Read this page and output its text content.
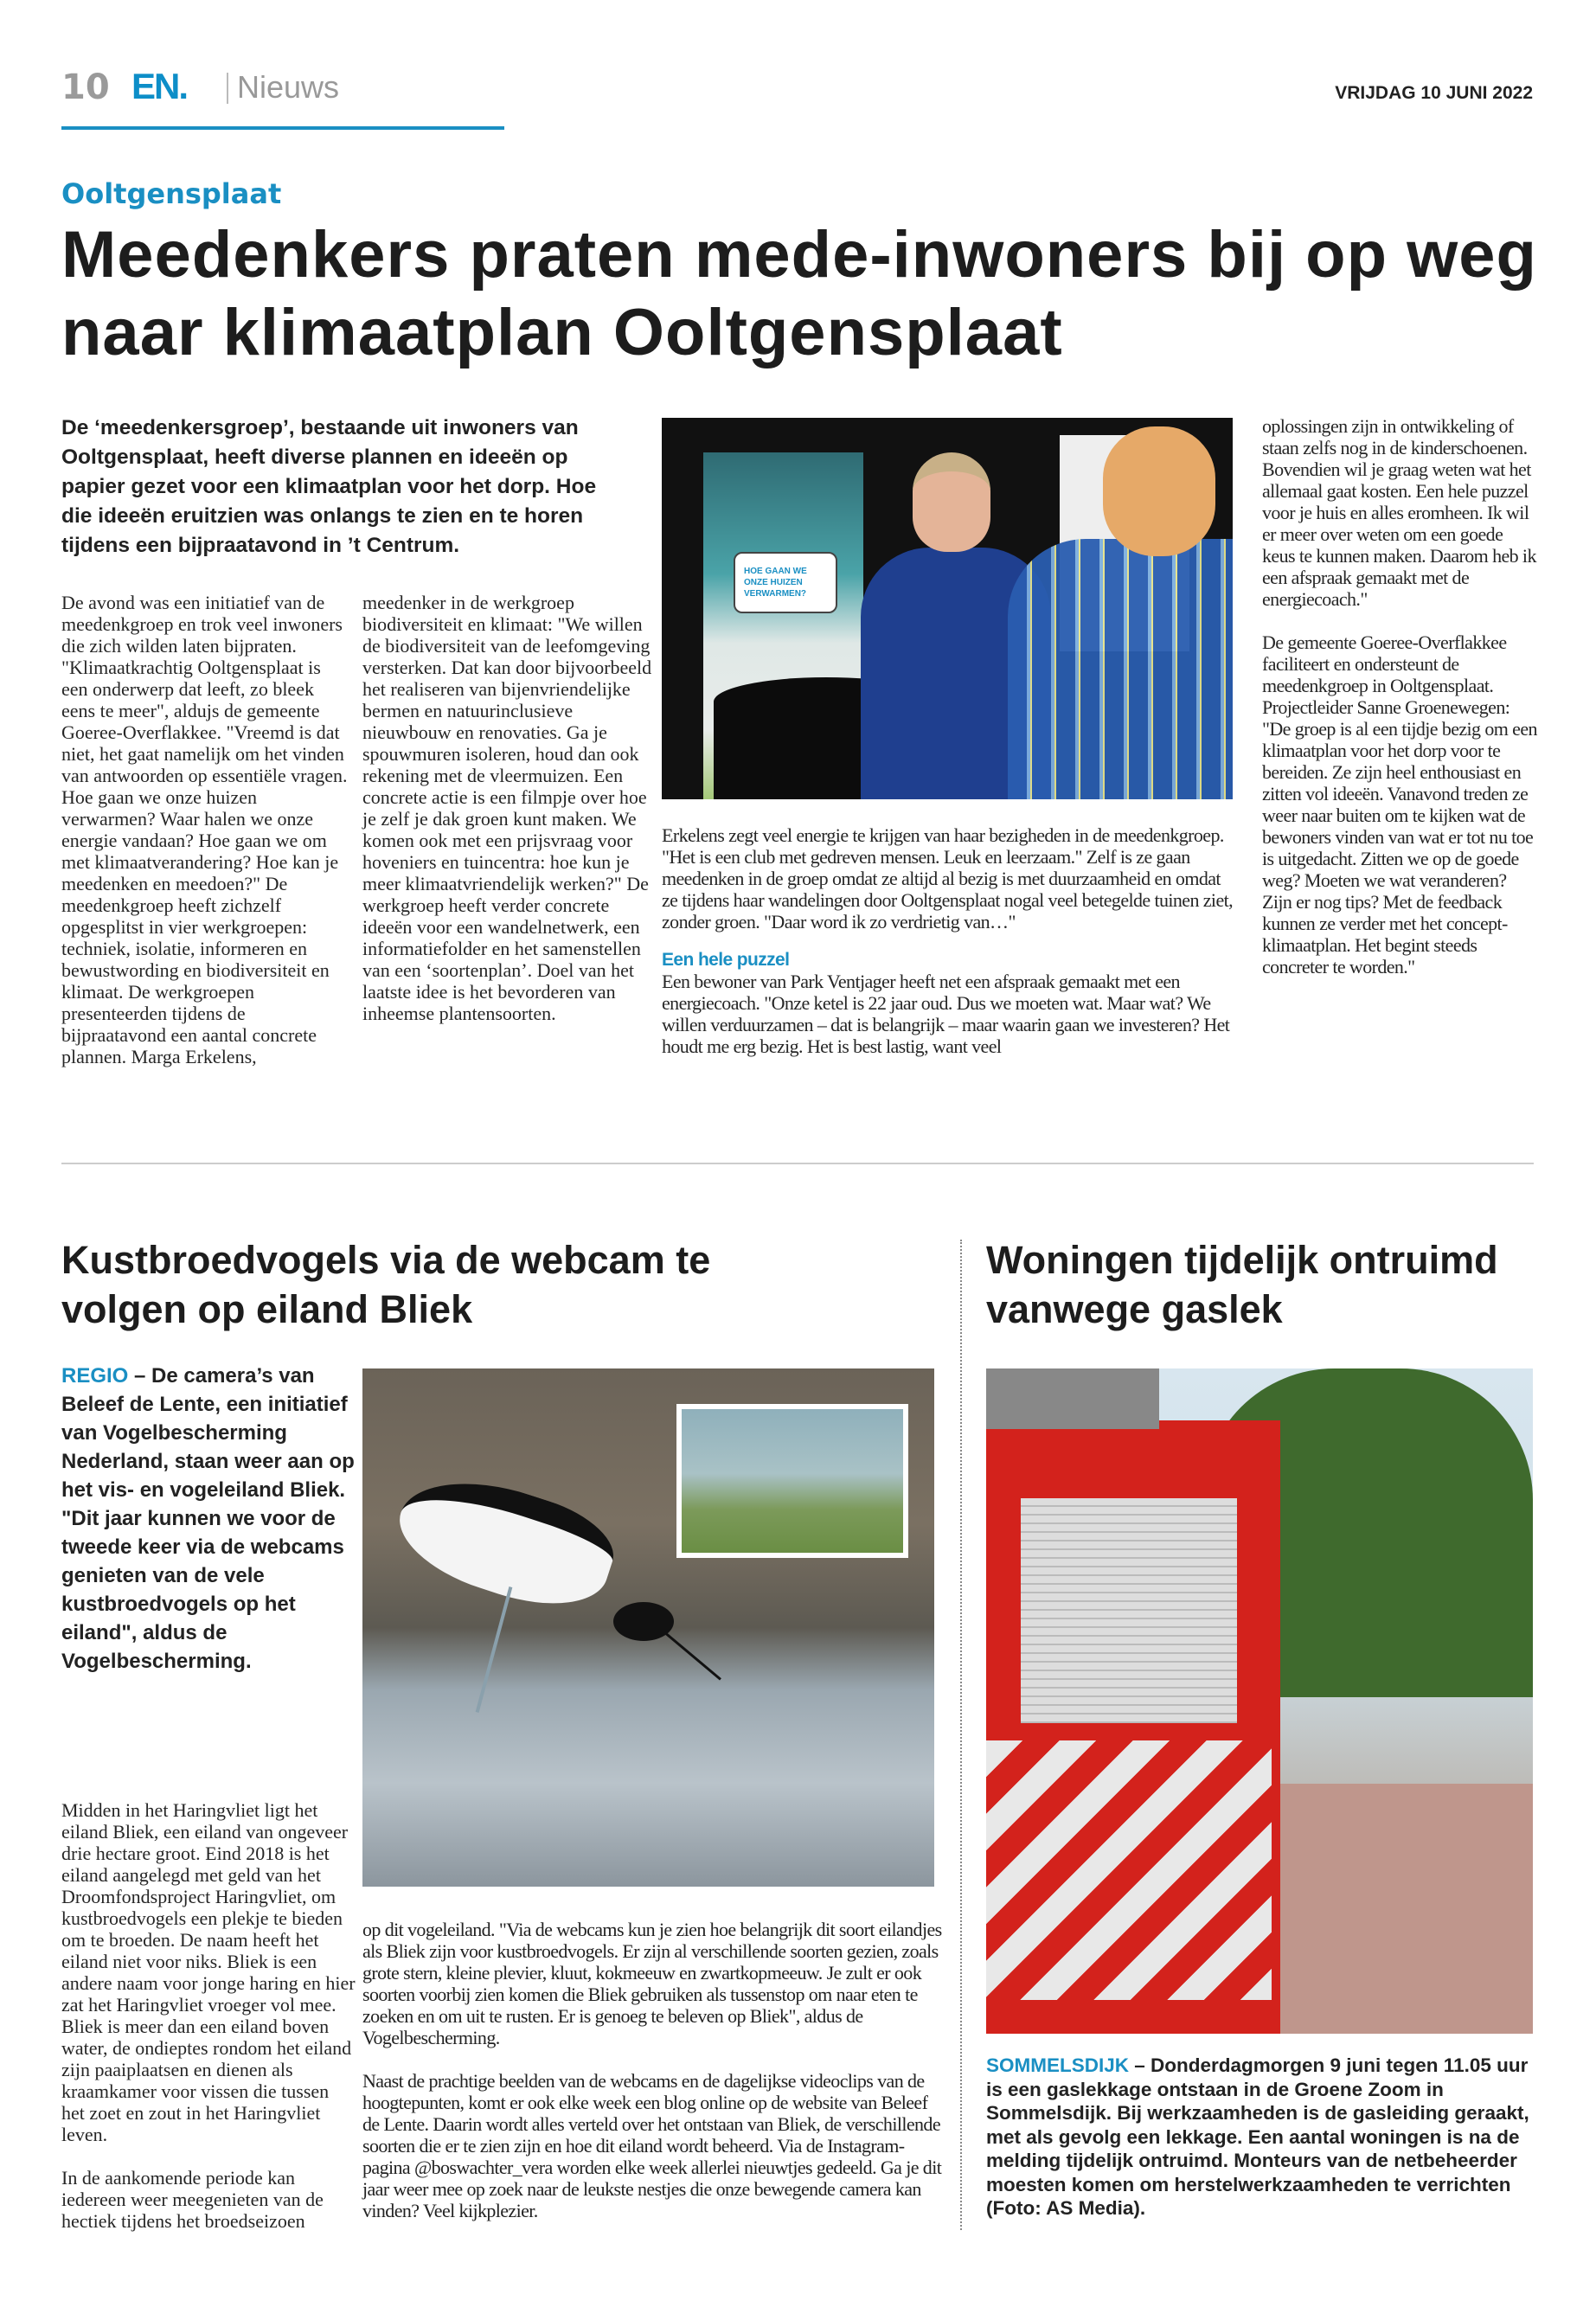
10 EN. Nieuws	VRIJDAG 10 JUNI 2022
Ooltgensplaat
Meedenkers praten mede-inwoners bij op weg naar klimaatplan Ooltgensplaat
De ‘meedenkersgroep’, bestaande uit inwoners van Ooltgensplaat, heeft diverse plannen en ideeën op papier gezet voor een klimaatplan voor het dorp. Hoe die ideeën eruitzien was onlangs te zien en te horen tijdens een bijpraatavond in ’t Centrum.
De avond was een initiatief van de meedenkgroep en trok veel inwoners die zich wilden laten bijpraten. "Klimaatkrachtig Ooltgensplaat is een onderwerp dat leeft, zo bleek eens te meer", aldujs de gemeente Goeree-Overflakkee. "Vreemd is dat niet, het gaat namelijk om het vinden van antwoorden op essentiële vragen. Hoe gaan we onze huizen verwarmen? Waar halen we onze energie vandaan? Hoe gaan we om met klimaatverandering? Hoe kan je meedenken en meedoen?" De meedenkgroep heeft zichzelf opgesplitst in vier werkgroepen: techniek, isolatie, informeren en bewustwording en biodiversiteit en klimaat. De werkgroepen presenteerden tijdens de bijpraatavond een aantal concrete plannen. Marga Erkelens,
meedenker in de werkgroep biodiversiteit en klimaat: "We willen de biodiversiteit van de leefomgeving versterken. Dat kan door bijvoorbeeld het realiseren van bijenvriendelijke bermen en natuurinclusieve nieuwbouw en renovaties. Ga je spouwmuren isoleren, houd dan ook rekening met de vleermuizen. Een concrete actie is een filmpje over hoe je zelf je dak groen kunt maken. We komen ook met een prijsvraag voor hoveniers en tuincentra: hoe kun je meer klimaatvriendelijk werken?" De werkgroep heeft verder concrete ideeën voor een wandelnetwerk, een informatiefolder en het samenstellen van een ‘soortenplan’. Doel van het laatste idee is het bevorderen van inheemse plantensoorten.
HOE GAAN WE ONZE HUIZEN VERWARMEN?

Erkelens zegt veel energie te krijgen van haar bezigheden in de meedenkgroep. "Het is een club met gedreven mensen. Leuk en leerzaam." Zelf is ze gaan meedenken in de groep omdat ze altijd al bezig is met duurzaamheid en omdat ze tijdens haar wandelingen door Ooltgensplaat nogal veel betegelde tuinen ziet, zonder groen. "Daar word ik zo verdrietig van…"

Een hele puzzel

Een bewoner van Park Ventjager heeft net een afspraak gemaakt met een energiecoach. "Onze ketel is 22 jaar oud. Dus we moeten wat. Maar wat? We willen verduurzamen – dat is belangrijk – maar waarin gaan we investeren? Het houdt me erg bezig. Het is best lastig, want veel

oplossingen zijn in ontwikkeling of staan zelfs nog in de kinderschoenen. Bovendien wil je graag weten wat het allemaal gaat kosten. Een hele puzzel voor je huis en alles eromheen. Ik wil er meer over weten om een goede keus te kunnen maken. Daarom heb ik een afspraak gemaakt met de energiecoach."

De gemeente Goeree-Overflakkee faciliteert en ondersteunt de meedenkgroep in Ooltgensplaat. Projectleider Sanne Groenewegen: "De groep is al een tijdje bezig om een klimaatplan voor het dorp voor te bereiden. Ze zijn heel enthousiast en zitten vol ideeën. Vanavond treden ze weer naar buiten om te kijken wat de bewoners vinden van wat er tot nu toe is uitgedacht. Zitten we op de goede weg? Moeten we wat veranderen? Zijn er nog tips? Met de feedback kunnen ze verder met het concept-klimaatplan. Het begint steeds concreter te worden."

Kustbroedvogels via de webcam te volgen op eiland Bliek
REGIO – De camera’s van Beleef de Lente, een initiatief van Vogelbescherming Nederland, staan weer aan op het vis- en vogeleiland Bliek. "Dit jaar kunnen we voor de tweede keer via de webcams genieten van de vele kustbroedvogels op het eiland", aldus de Vogelbescherming.

Midden in het Haringvliet ligt het eiland Bliek, een eiland van ongeveer drie hectare groot. Eind 2018 is het eiland aangelegd met geld van het Droomfondsproject Haringvliet, om kustbroedvogels een plekje te bieden om te broeden. De naam heeft het eiland niet voor niks. Bliek is een andere naam voor jonge haring en hier zat het Haringvliet vroeger vol mee. Bliek is meer dan een eiland boven water, de ondieptes rondom het eiland zijn paaiplaatsen en dienen als kraamkamer voor vissen die tussen het zoet en zout in het Haringvliet leven.

In de aankomende periode kan iedereen weer meegenieten van de hectiek tijdens het broedseizoen

op dit vogeleiland. "Via de webcams kun je zien hoe belangrijk dit soort eilandjes als Bliek zijn voor kustbroedvogels. Er zijn al verschillende soorten gezien, zoals grote stern, kleine plevier, kluut, kokmeeuw en zwartkopmeeuw. Je zult er ook soorten voorbij zien komen die Bliek gebruiken als tussenstop om naar eten te zoeken en om uit te rusten. Er is genoeg te beleven op Bliek", aldus de Vogelbescherming.

Naast de prachtige beelden van de webcams en de dagelijkse videoclips van de hoogtepunten, komt er ook elke week een blog online op de website van Beleef de Lente. Daarin wordt alles verteld over het ontstaan van Bliek, de verschillende soorten die er te zien zijn en hoe dit eiland wordt beheerd. Via de Instagram-pagina @boswachter_vera worden elke week allerlei nieuwtjes gedeeld. Ga je dit jaar weer mee op zoek naar de leukste nestjes die onze bewegende camera kan vinden? Veel kijkplezier.

Woningen tijdelijk ontruimd vanwege gaslek
SOMMELSDIJK – Donderdagmorgen 9 juni tegen 11.05 uur is een gaslekkage ontstaan in de Groene Zoom in Sommelsdijk. Bij werkzaamheden is de gasleiding geraakt, met als gevolg een lekkage. Een aantal woningen is na de melding tijdelijk ontruimd. Monteurs van de netbeheerder moesten komen om herstelwerkzaamheden te verrichten (Foto: AS Media).
